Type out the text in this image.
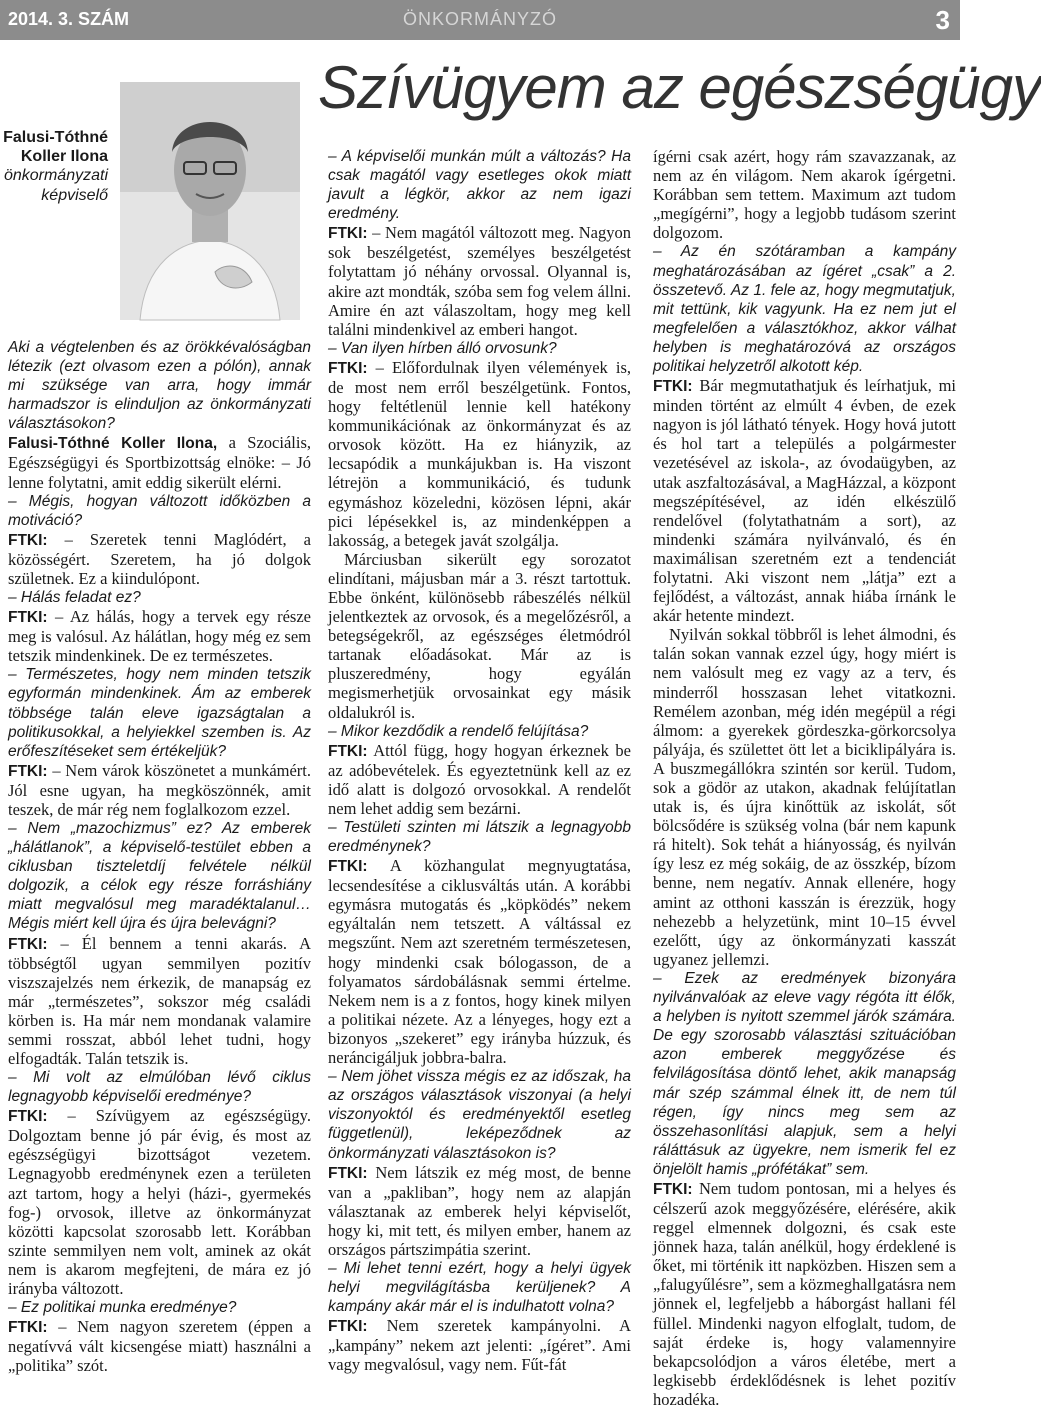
2014. 3. SZÁM	ÖNKORMÁNYZÓ	3
Szívügyem az egészségügy
Falusi-Tóthné Koller Ilona
önkormányzati képviselő

Aki a végtelenben és az örökkévalóságban létezik (ezt olvasom ezen a pólón), annak mi szüksége van arra, hogy immár harmadszor is elinduljon az önkormányzati választásokon?

Falusi-Tóthné Koller Ilona, a Szociális, Egészségügyi és Sportbizottság elnöke: – Jó lenne folytatni, amit eddig sikerült elérni.

– Mégis, hogyan változott időközben a motiváció?

FTKI: – Szeretek tenni Maglódért, a közösségért. Szeretem, ha jó dolgok születnek. Ez a kiindulópont.

– Hálás feladat ez?

FTKI: – Az hálás, hogy a tervek egy része meg is valósul. Az hálátlan, hogy még ez sem tetszik mindenkinek. De ez természetes.

– Természetes, hogy nem minden tetszik egyformán mindenkinek. Ám az emberek többsége talán eleve igazságtalan a politikusokkal, a helyiekkel szemben is. Az erőfeszítéseket sem értékeljük?

FTKI: – Nem várok köszönetet a munkámért. Jól esne ugyan, ha megköszönnék, amit teszek, de már rég nem foglalkozom ezzel.

– Nem „mazochizmus” ez? Az emberek „hálátlanok”, a képviselő-testület ebben a ciklusban tiszteletdíj felvétele nélkül dolgozik, a célok egy része forráshiány miatt megvalósul meg maradéktalanul… Mégis miért kell újra és újra belevágni?

FTKI: – Él bennem a tenni akarás. A többségtől ugyan semmilyen pozitív viszszajelzés nem érkezik, de manapság ez már „természetes”, sokszor még családi körben is. Ha már nem mondanak valamire semmi rosszat, abból lehet tudni, hogy elfogadták. Talán tetszik is.

– Mi volt az elmúlóban lévő ciklus legnagyobb képviselői eredménye?

FTKI: – Szívügyem az egészségügy. Dolgoztam benne jó pár évig, és most az egészségügyi bizottságot vezetem. Legnagyobb eredménynek ezen a területen azt tartom, hogy a helyi (házi-, gyermekés fog-) orvosok, illetve az önkormányzat közötti kapcsolat szorosabb lett. Korábban szinte semmilyen nem volt, aminek az okát nem is akarom megfejteni, de mára ez jó irányba változott.

– Ez politikai munka eredménye?

FTKI: – Nem nagyon szeretem (éppen a negatívvá vált kicsengése miatt) használni a „politika” szót.

– A képviselői munkán múlt a változás? Ha csak magától vagy esetleges okok miatt javult a légkör, akkor az nem igazi eredmény.

FTKI: – Nem magától változott meg. Nagyon sok beszélgetést, személyes beszélgetést folytattam jó néhány orvossal. Olyannal is, akire azt mondták, szóba sem fog velem állni. Amire én azt válaszoltam, hogy meg kell találni mindenkivel az emberi hangot.

– Van ilyen hírben álló orvosunk?

FTKI: – Előfordulnak ilyen vélemények is, de most nem erről beszélgetünk. Fontos, hogy feltétlenül lennie kell hatékony kommunikációnak az önkormányzat és az orvosok között. Ha ez hiányzik, az lecsapódik a munkájukban is. Ha viszont létrejön a kommunikáció, és tudunk egymáshoz közeledni, közösen lépni, akár pici lépésekkel is, az mindenképpen a lakosság, a betegek javát szolgálja.

Márciusban sikerült egy sorozatot elindítani, májusban már a 3. részt tartottuk. Ebbe önként, különösebb rábeszélés nélkül jelentkeztek az orvosok, és a megelőzésről, a betegségekről, az egészséges életmódról tartanak előadásokat. Már az is pluszeredmény, hogy egyálán megismerhetjük orvosainkat egy másik oldalukról is.

– Mikor kezdődik a rendelő felújítása?

FTKI: Attól függ, hogy hogyan érkeznek be az adóbevételek. És egyeztetnünk kell az ez idő alatt is dolgozó orvosokkal. A rendelőt nem lehet addig sem bezárni.

– Testületi szinten mi látszik a legnagyobb eredménynek?

FTKI: A közhangulat megnyugtatása, lecsendesítése a ciklusváltás után. A korábbi egymásra mutogatás és „köpködés” nekem egyáltalán nem tetszett. A váltással ez megszűnt. Nem azt szeretném természetesen, hogy mindenki csak bólogasson, de a folyamatos sárdobálásnak semmi értelme. Nekem nem is a z fontos, hogy kinek milyen a politikai nézete. Az a lényeges, hogy ezt a bizonyos „szekeret” egy irányba húzzuk, és neráncigáljuk jobbra-balra.

– Nem jöhet vissza mégis ez az időszak, ha az országos választások viszonyai (a helyi viszonyoktól és eredményektől esetleg függetlenül), leképeződnek az önkormányzati választásokon is?

FTKI: Nem látszik ez még most, de benne van a „pakliban”, hogy nem az alapján választanak az emberek helyi képviselőt, hogy ki, mit tett, és milyen ember, hanem az országos pártszimpátia szerint.

– Mi lehet tenni ezért, hogy a helyi ügyek helyi megvilágításba kerüljenek? A kampány akár már el is indulhatott volna?

FTKI: Nem szeretek kampányolni. A „kampány” nekem azt jelenti: „ígéret”. Ami vagy megvalósul, vagy nem. Fűt-fát

ígérni csak azért, hogy rám szavazzanak, az nem az én világom. Nem akarok ígérgetni. Korábban sem tettem. Maximum azt tudom „megígérni”, hogy a legjobb tudásom szerint dolgozom.

– Az én szótáramban a kampány meghatározásában az ígéret „csak” a 2. összetevő. Az 1. fele az, hogy megmutatjuk, mit tettünk, kik vagyunk. Ha ez nem jut el megfelelően a választókhoz, akkor válhat helyben is meghatározóvá az országos politikai helyzetről alkotott kép.

FTKI: Bár megmutathatjuk és leírhatjuk, mi minden történt az elmúlt 4 évben, de ezek nagyon is jól látható tények. Hogy hová jutott és hol tart a település a polgármester vezetésével az iskola-, az óvodaügyben, az utak aszfaltozásával, a MagHázzal, a központ megszépítésével, az idén elkészülő rendelővel (folytathatnám a sort), az mindenki számára nyilvánvaló, és én maximálisan szeretném ezt a tendenciát folytatni. Aki viszont nem „látja” ezt a fejlődést, a változást, annak hiába írnánk le akár hetente mindezt.

Nyilván sokkal többről is lehet álmodni, és talán sokan vannak ezzel úgy, hogy miért is nem valósult meg ez vagy az a terv, és minderről hosszasan lehet vitatkozni. Remélem azonban, még idén megépül a régi álmom: a gyerekek gördeszka-görkorcsolya pályája, és születtet ött let a biciklipályára is. A buszmegállókra szintén sor kerül. Tudom, sok a gödör az utakon, akadnak felújítatlan utak is, és újra kinőttük az iskolát, sőt bölcsődére is szükség volna (bár nem kapunk rá hitelt). Sok tehát a hiányosság, és nyilván így lesz ez még sokáig, de az összkép, bízom benne, nem negatív. Annak ellenére, hogy amint az otthoni kasszán is érezzük, hogy nehezebb a helyzetünk, mint 10–15 évvel ezelőtt, úgy az önkormányzati kasszát ugyanez jellemzi.

– Ezek az eredmények bizonyára nyilvánvalóak az eleve vagy régóta itt élők, a helyben is nyitott szemmel járók számára. De egy szorosabb választási szituációban azon emberek meggyőzése és felvilágosítása döntő lehet, akik manapság már szép számmal élnek itt, de nem túl régen, így nincs meg sem az összehasonlítási alapjuk, sem a helyi ráláttásuk az ügyekre, nem ismerik fel ez önjelölt hamis „prófétákat” sem.

FTKI: Nem tudom pontosan, mi a helyes és célszerű azok meggyőzésére, elérésére, akik reggel elmennek dolgozni, és csak este jönnek haza, talán anélkül, hogy érdeklené is őket, mi történik itt napközben. Hiszen sem a „falugyűlésre”, sem a közmeghallgatásra nem jönnek el, legfeljebb a háborgást hallani fél füllel. Mindenki nagyon elfoglalt, tudom, de saját érdeke is, hogy valamennyire bekapcsolódjon a város életébe, mert a legkisebb érdeklődésnek is lehet pozitív hozadéka.
